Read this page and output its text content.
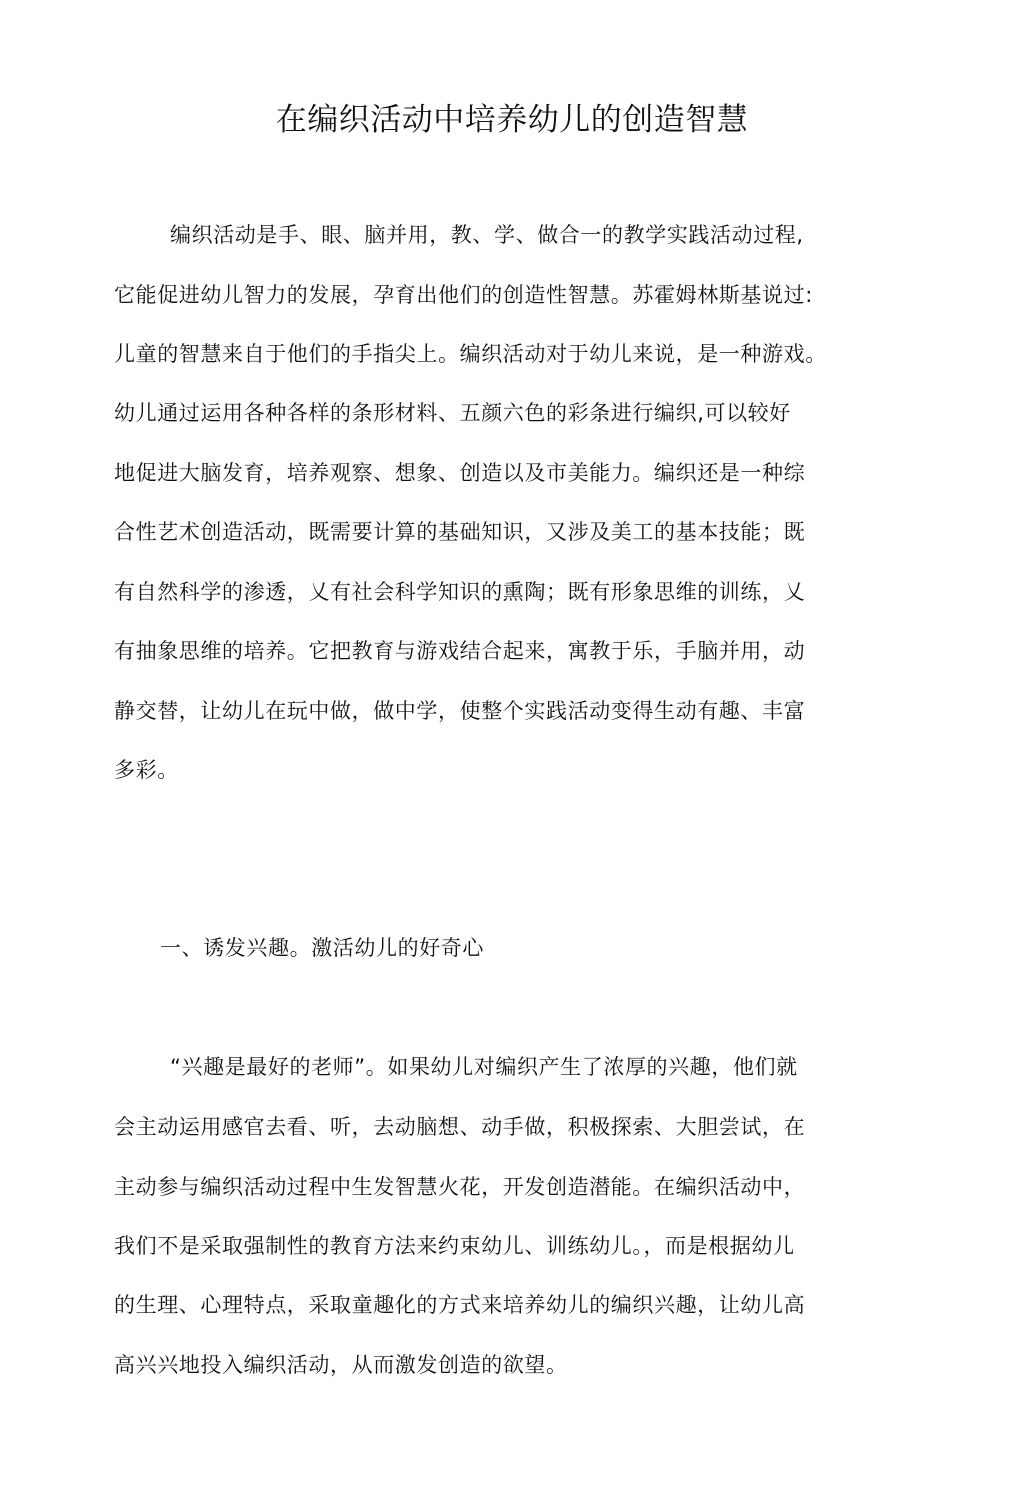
在编织活动中培养幼儿的创造智慧
编织活动是手、眼、脑并用，教、学、做合一的教学实践活动过程,
它能促进幼儿智力的发展，孕育出他们的创造性智慧。苏霍姆林斯基说过:
儿童的智慧来自于他们的手指尖上。编织活动对于幼儿来说，是一种游戏。
幼儿通过运用各种各样的条形材料、五颜六色的彩条进行编织,可以较好
地促进大脑发育，培养观察、想象、创造以及市美能力。编织还是一种综
合性艺术创造活动，既需要计算的基础知识，又涉及美工的基本技能；既
有自然科学的渗透，乂有社会科学知识的熏陶；既有形象思维的训练，乂
有抽象思维的培养。它把教育与游戏结合起来，寓教于乐，手脑并用，动
静交替，让幼儿在玩中做，做中学，使整个实践活动变得生动有趣、丰富
多彩。
一、诱发兴趣。激活幼儿的好奇心
“兴趣是最好的老师”。如果幼儿对编织产生了浓厚的兴趣，他们就
会主动运用感官去看、听，去动脑想、动手做，积极探索、大胆尝试，在
主动参与编织活动过程中生发智慧火花，开发创造潜能。在编织活动中，
我们不是采取强制性的教育方法来约束幼儿、训练幼儿。，而是根据幼儿
的生理、心理特点，采取童趣化的方式来培养幼儿的编织兴趣，让幼儿高
高兴兴地投入编织活动，从而激发创造的欲望。
